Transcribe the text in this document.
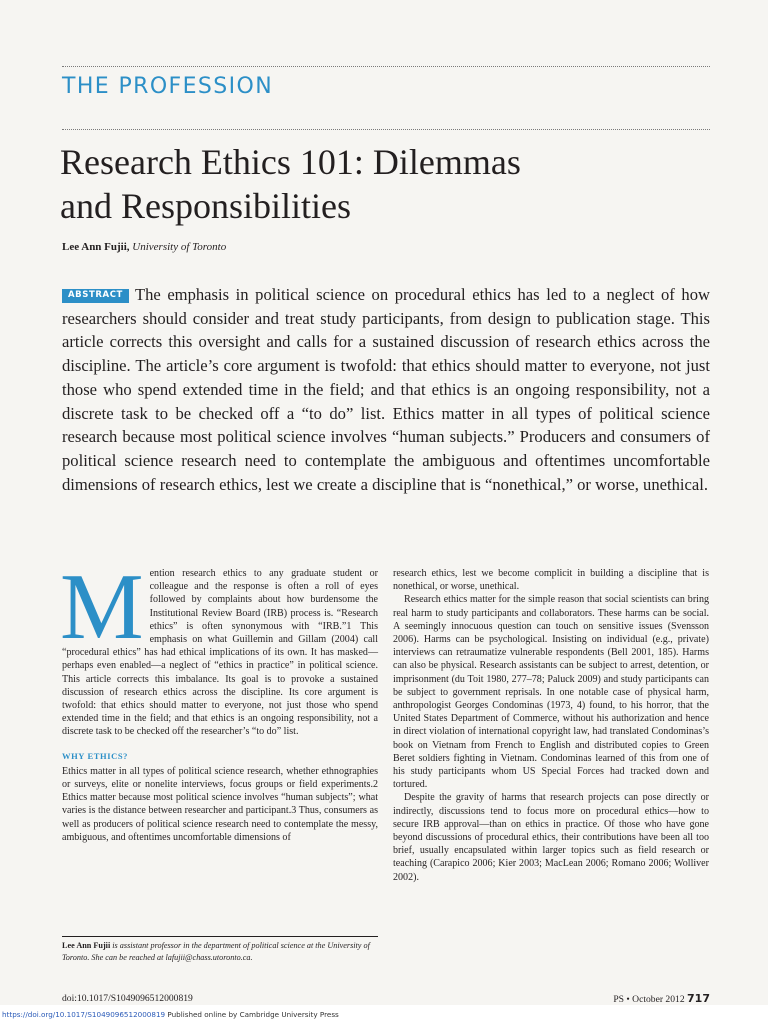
THE PROFESSION
Research Ethics 101: Dilemmas
and Responsibilities
Lee Ann Fujii, University of Toronto

ABSTRACT The emphasis in political science on procedural ethics has led to a neglect of how researchers should consider and treat study participants, from design to publication stage. This article corrects this oversight and calls for a sustained discussion of research ethics across the discipline. The article’s core argument is twofold: that ethics should matter to everyone, not just those who spend extended time in the field; and that ethics is an ongoing responsibility, not a discrete task to be checked off a “to do” list. Ethics matter in all types of political science research because most political science involves “human subjects.” Producers and consumers of political science research need to contemplate the ambiguous and oftentimes uncomfortable dimensions of research ethics, lest we create a discipline that is “nonethical,” or worse, unethical.

Mention research ethics to any graduate student or colleague and the response is often a roll of eyes followed by complaints about how burdensome the Institutional Review Board (IRB) process is. “Research ethics” is often synonymous with “IRB.”1 This emphasis on what Guillemin and Gillam (2004) call “procedural ethics” has had ethical implications of its own. It has masked—perhaps even enabled—a neglect of “ethics in practice” in political science. This article corrects this imbalance. Its goal is to provoke a sustained discussion of research ethics across the discipline. Its core argument is twofold: that ethics should matter to everyone, not just those who spend extended time in the field; and that ethics is an ongoing responsibility, not a discrete task to be checked off the researcher’s “to do” list.

WHY ETHICS?

Ethics matter in all types of political science research, whether ethnographies or surveys, elite or nonelite interviews, focus groups or field experiments.2 Ethics matter because most political science involves “human subjects”; what varies is the distance between researcher and participant.3 Thus, consumers as well as producers of political science research need to contemplate the messy, ambiguous, and oftentimes uncomfortable dimensions of

research ethics, lest we become complicit in building a discipline that is nonethical, or worse, unethical.

Research ethics matter for the simple reason that social scientists can bring real harm to study participants and collaborators. These harms can be social. A seemingly innocuous question can touch on sensitive issues (Svensson 2006). Harms can be psychological. Insisting on individual (e.g., private) interviews can retraumatize vulnerable respondents (Bell 2001, 185). Harms can also be physical. Research assistants can be subject to arrest, detention, or imprisonment (du Toit 1980, 277–78; Paluck 2009) and study participants can be subject to government reprisals. In one notable case of physical harm, anthropologist Georges Condominas (1973, 4) found, to his horror, that the United States Department of Commerce, without his authorization and hence in direct violation of international copyright law, had translated Condominas’s book on Vietnam from French to English and distributed copies to Green Beret soldiers fighting in Vietnam. Condominas learned of this from one of his study participants whom US Special Forces had tracked down and tortured.

Despite the gravity of harms that research projects can pose directly or indirectly, discussions tend to focus more on procedural ethics—how to secure IRB approval—than on ethics in practice. Of those who have gone beyond discussions of procedural ethics, their contributions have been all too brief, usually encapsulated within larger topics such as field research or teaching (Carapico 2006; Kier 2003; MacLean 2006; Romano 2006; Wolliver 2002).

Lee Ann Fujii is assistant professor in the department of political science at the University of Toronto. She can be reached at lafujii@chass.utoronto.ca.
doi:10.1017/S1049096512000819	PS • October 2012 717
https://doi.org/10.1017/S1049096512000819 Published online by Cambridge University Press
